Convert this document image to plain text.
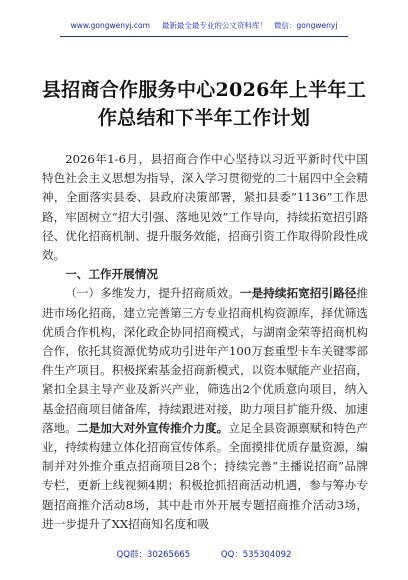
www.gongwenyj.com 最新最全最专业的公文资料库！ 微信：gongwenyj
县招商合作服务中心2026年上半年工作总结和下半年工作计划

2026年1-6月，县招商合作中心坚持以习近平新时代中国特色社会主义思想为指导，深入学习贯彻党的二十届四中全会精神，全面落实县委、县政府决策部署，紧扣县委“1136”工作思路，牢固树立“招大引强、落地见效”工作导向，持续拓宽招引路径、优化招商机制、提升服务效能，招商引资工作取得阶段性成效。

一、工作开展情况

（一）多维发力，提升招商质效。一是持续拓宽招引路径推进市场化招商，建立完善第三方专业招商机构资源库，择优筛选优质合作机构，深化政企协同招商模式，与湖南金荣等招商机构合作，依托其资源优势成功引进年产100万套重型卡车关键零部件生产项目。积极探索基金招商新模式，以资本赋能产业招商，紧扣全县主导产业及新兴产业，筛选出2个优质意向项目，纳入基金招商项目储备库，持续跟进对接，助力项目扩能升级、加速落地。二是加大对外宣传推介力度。立足全县资源禀赋和特色产业，持续构建立体化招商宣传体系。全面摸排优质存量资源，编制并对外推介重点招商项目28个；持续完善“主播说招商”品牌专栏，更新上线视频4期；积极抢抓招商活动机遇，参与筹办专题招商推介活动8场，其中赴市外开展专题招商推介活动3场，进一步提升了XX招商知名度和吸

QQ群：30265665	QQ：535304092
